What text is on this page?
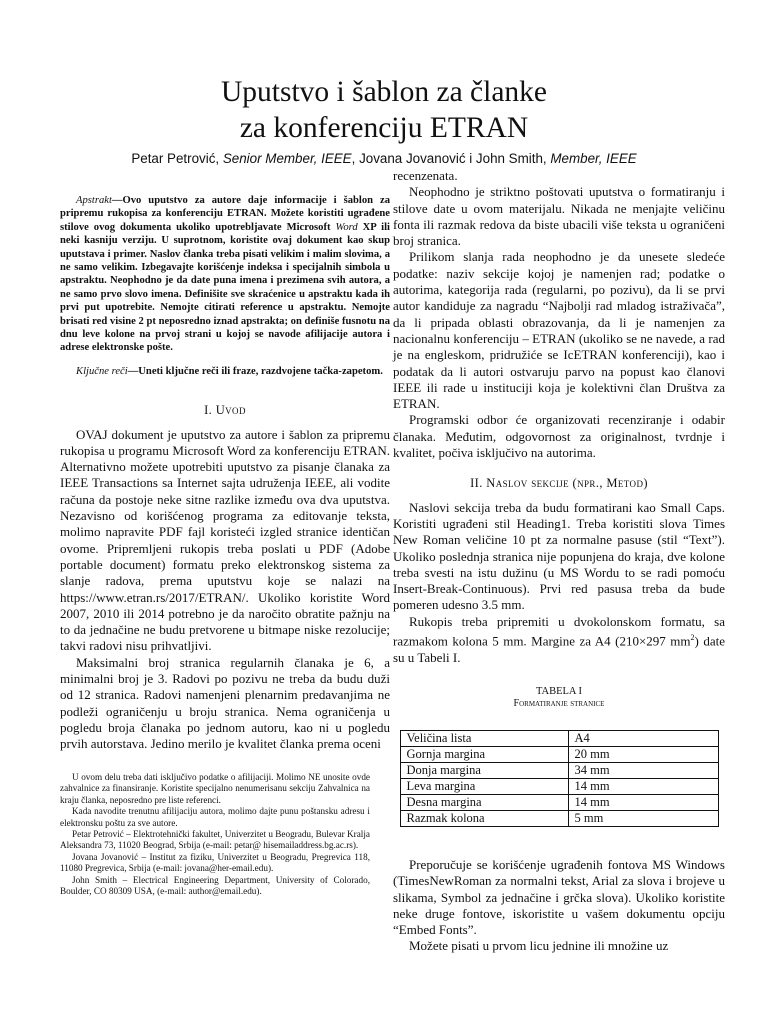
Uputstvo i šablon za članke
za konferenciju ETRAN
Petar Petrović, Senior Member, IEEE, Jovana Jovanović i John Smith, Member, IEEE
Apstrakt—Ovo uputstvo za autore daje informacije i šablon za pripremu rukopisa za konferenciju ETRAN. Možete koristiti ugrađene stilove ovog dokumenta ukoliko upotrebljavate Microsoft Word XP ili neki kasniju verziju. U suprotnom, koristite ovaj dokument kao skup uputstava i primer. Naslov članka treba pisati velikim i malim slovima, a ne samo velikim. Izbegavajte korišćenje indeksa i specijalnih simbola u apstraktu. Neophodno je da date puna imena i prezimena svih autora, a ne samo prvo slovo imena. Definišite sve skraćenice u apstraktu kada ih prvi put upotrebite. Nemojte citirati reference u apstraktu. Nemojte brisati red visine 2 pt neposredno iznad apstrakta; on definiše fusnotu na dnu leve kolone na prvoj strani u kojoj se navode afilijacije autora i adrese elektronske pošte.
Ključne reči—Uneti ključne reči ili fraze, razdvojene tačka-zapetom.
I. Uvod

OVAJ dokument je uputstvo za autore i šablon za pripremu rukopisa u programu Microsoft Word za konferenciju ETRAN. Alternativno možete upotrebiti uputstvo za pisanje članaka za IEEE Transactions sa Internet sajta udruženja IEEE, ali vodite računa da postoje neke sitne razlike između ova dva uputstva. Nezavisno od korišćenog programa za editovanje teksta, molimo napravite PDF fajl koristeći izgled stranice identičan ovome. Pripremljeni rukopis treba poslati u PDF (Adobe portable document) formatu preko elektronskog sistema za slanje radova, prema uputstvu koje se nalazi na https://www.etran.rs/2017/ETRAN/. Ukoliko koristite Word 2007, 2010 ili 2014 potrebno je da naročito obratite pažnju na to da jednačine ne budu pretvorene u bitmape niske rezolucije; takvi radovi nisu prihvatljivi.

Maksimalni broj stranica regularnih članaka je 6, a minimalni broj je 3. Radovi po pozivu ne treba da budu duži od 12 stranica. Radovi namenjeni plenarnim predavanjima ne podleži ograničenju u broju stranica. Nema ograničenja u pogledu broja članaka po jednom autoru, kao ni u pogledu prvih autorstava. Jedino merilo je kvalitet članka prema oceni

U ovom delu treba dati isključivo podatke o afilijaciji. Molimo NE unosite ovde zahvalnice za finansiranje. Koristite specijalno nenumerisanu sekciju Zahvalnica na kraju članka, neposredno pre liste referenci.

Kada navodite trenutnu afilijaciju autora, molimo dajte punu poštansku adresu i elektronsku poštu za sve autore.

Petar Petrović – Elektrotehnički fakultet, Univerzitet u Beogradu, Bulevar Kralja Aleksandra 73, 11020 Beograd, Srbija (e-mail: petar@ hisemailaddress.bg.ac.rs).

Jovana Jovanović – Institut za fiziku, Univerzitet u Beogradu, Pregrevica 118, 11080 Pregrevica, Srbija (e-mail: jovana@her-email.edu).

John Smith – Electrical Engineering Department, University of Colorado, Boulder, CO 80309 USA, (e-mail: author@email.edu).

recenzenata.

Neophodno je striktno poštovati uputstva o formatiranju i stilove date u ovom materijalu. Nikada ne menjajte veličinu fonta ili razmak redova da biste ubacili više teksta u ograničeni broj stranica.

Prilikom slanja rada neophodno je da unesete sledeće podatke: naziv sekcije kojoj je namenjen rad; podatke o autorima, kategorija rada (regularni, po pozivu), da li se prvi autor kandiduje za nagradu “Najbolji rad mladog istraživača”, da li pripada oblasti obrazovanja, da li je namenjen za nacionalnu konferenciju – ETRAN (ukoliko se ne navede, a rad je na engleskom, pridružiće se IcETRAN konferenciji), kao i podatak da li autori ostvaruju parvo na popust kao članovi IEEE ili rade u instituciji koja je kolektivni član Društva za ETRAN.

Programski odbor će organizovati recenziranje i odabir članaka. Međutim, odgovornost za originalnost, tvrdnje i kvalitet, počiva isključivo na autorima.

II. Naslov sekcije (npr., Metod)

Naslovi sekcija treba da budu formatirani kao Small Caps. Koristiti ugrađeni stil Heading1. Treba koristiti slova Times New Roman veličine 10 pt za normalne pasuse (stil “Text”). Ukoliko poslednja stranica nije popunjena do kraja, dve kolone treba svesti na istu dužinu (u MS Wordu to se radi pomoću Insert-Break-Continuous). Prvi red pasusa treba da bude pomeren udesno 3.5 mm.

Rukopis treba pripremiti u dvokolonskom formatu, sa razmakom kolona 5 mm. Margine za A4 (210×297 $mm^2$) date su u Tabeli I.

TABELA I
Formatiranje stranice
Veličina lista	A4
Gornja margina	20 mm
Donja margina	34 mm
Leva margina	14 mm
Desna margina	14 mm
Razmak kolona	5 mm

Preporučuje se korišćenje ugrađenih fontova MS Windows (TimesNewRoman za normalni tekst, Arial za slova i brojeve u slikama, Symbol za jednačine i grčka slova). Ukoliko koristite neke druge fontove, iskoristite u vašem dokumentu opciju “Embed Fonts”.

Možete pisati u prvom licu jednine ili množine uz
